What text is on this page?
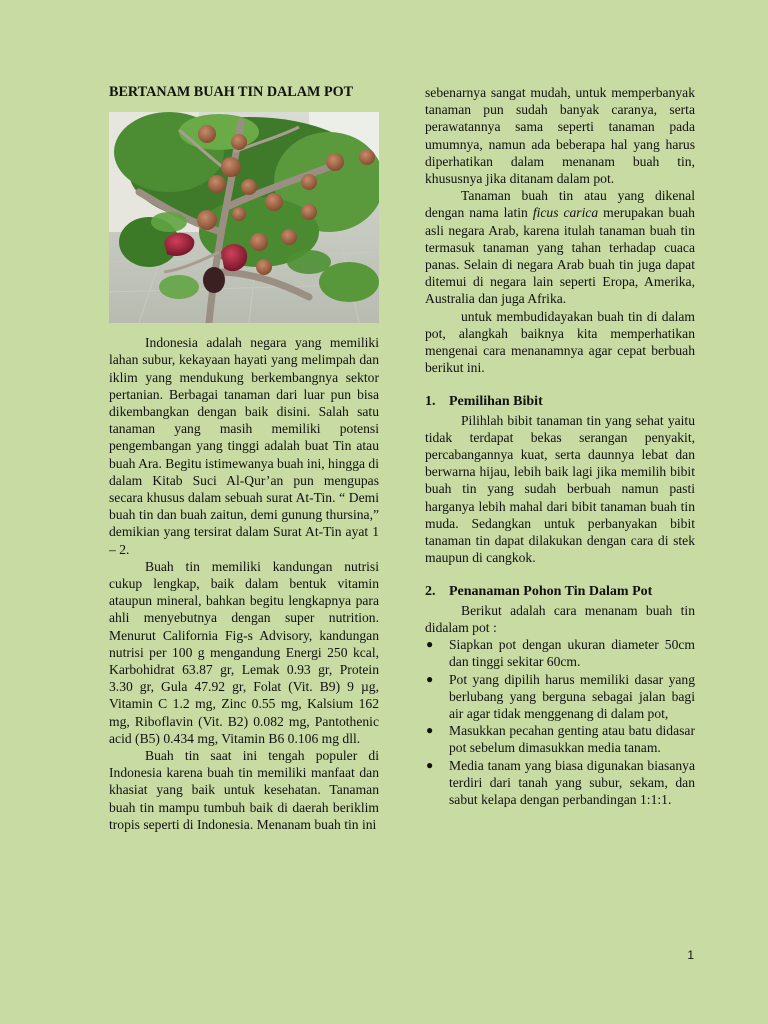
BERTANAM BUAH TIN DALAM POT

Indonesia adalah negara yang memiliki lahan subur, kekayaan hayati yang melimpah dan iklim yang mendukung berkembangnya sektor pertanian. Berbagai tanaman dari luar pun bisa dikembangkan dengan baik disini. Salah satu tanaman yang masih memiliki potensi pengembangan yang tinggi adalah buat Tin atau buah Ara. Begitu istimewanya buah ini, hingga di dalam Kitab Suci Al-Qur’an pun mengupas secara khusus dalam sebuah surat At-Tin. “ Demi buah tin dan buah zaitun, demi gunung thursina,” demikian yang tersirat dalam Surat At-Tin ayat 1 – 2.

Buah tin memiliki kandungan nutrisi cukup lengkap, baik dalam bentuk vitamin ataupun mineral, bahkan begitu lengkapnya para ahli menyebutnya dengan super nutrition. Menurut California Fig-s Advisory, kandungan nutrisi per 100 g mengandung Energi 250 kcal, Karbohidrat 63.87 gr, Lemak 0.93 gr, Protein 3.30 gr, Gula 47.92 gr, Folat (Vit. B9) 9 µg, Vitamin C 1.2 mg, Zinc 0.55 mg, Kalsium 162 mg, Riboflavin (Vit. B2) 0.082 mg, Pantothenic acid (B5) 0.434 mg, Vitamin B6 0.106 mg dll.

Buah tin saat ini tengah populer di Indonesia karena buah tin memiliki manfaat dan khasiat yang baik untuk kesehatan. Tanaman buah tin mampu tumbuh baik di daerah beriklim tropis seperti di Indonesia. Menanam buah tin ini

sebenarnya sangat mudah, untuk memperbanyak tanaman pun sudah banyak caranya, serta perawatannya sama seperti tanaman pada umumnya, namun ada beberapa hal yang harus diperhatikan dalam menanam buah tin, khususnya jika ditanam dalam pot.

Tanaman buah tin atau yang dikenal dengan nama latin ficus carica merupakan buah asli negara Arab, karena itulah tanaman buah tin termasuk tanaman yang tahan terhadap cuaca panas. Selain di negara Arab buah tin juga dapat ditemui di negara lain seperti Eropa, Amerika, Australia dan juga Afrika.

untuk membudidayakan buah tin di dalam pot, alangkah baiknya kita memperhatikan mengenai cara menanamnya agar cepat berbuah berikut ini.

1. Pemilihan Bibit

Pilihlah bibit tanaman tin yang sehat yaitu tidak terdapat bekas serangan penyakit, percabangannya kuat, serta daunnya lebat dan berwarna hijau, lebih baik lagi jika memilih bibit buah tin yang sudah berbuah namun pasti harganya lebih mahal dari bibit tanaman buah tin muda. Sedangkan untuk perbanyakan bibit tanaman tin dapat dilakukan dengan cara di stek maupun di cangkok.

2. Penanaman Pohon Tin Dalam Pot

Berikut adalah cara menanam buah tin didalam pot :

● Siapkan pot dengan ukuran diameter 50cm dan tinggi sekitar 60cm.
● Pot yang dipilih harus memiliki dasar yang berlubang yang berguna sebagai jalan bagi air agar tidak menggenang di dalam pot,
● Masukkan pecahan genting atau batu didasar pot sebelum dimasukkan media tanam.
● Media tanam yang biasa digunakan biasanya terdiri dari tanah yang subur, sekam, dan sabut kelapa dengan perbandingan 1:1:1.
1
